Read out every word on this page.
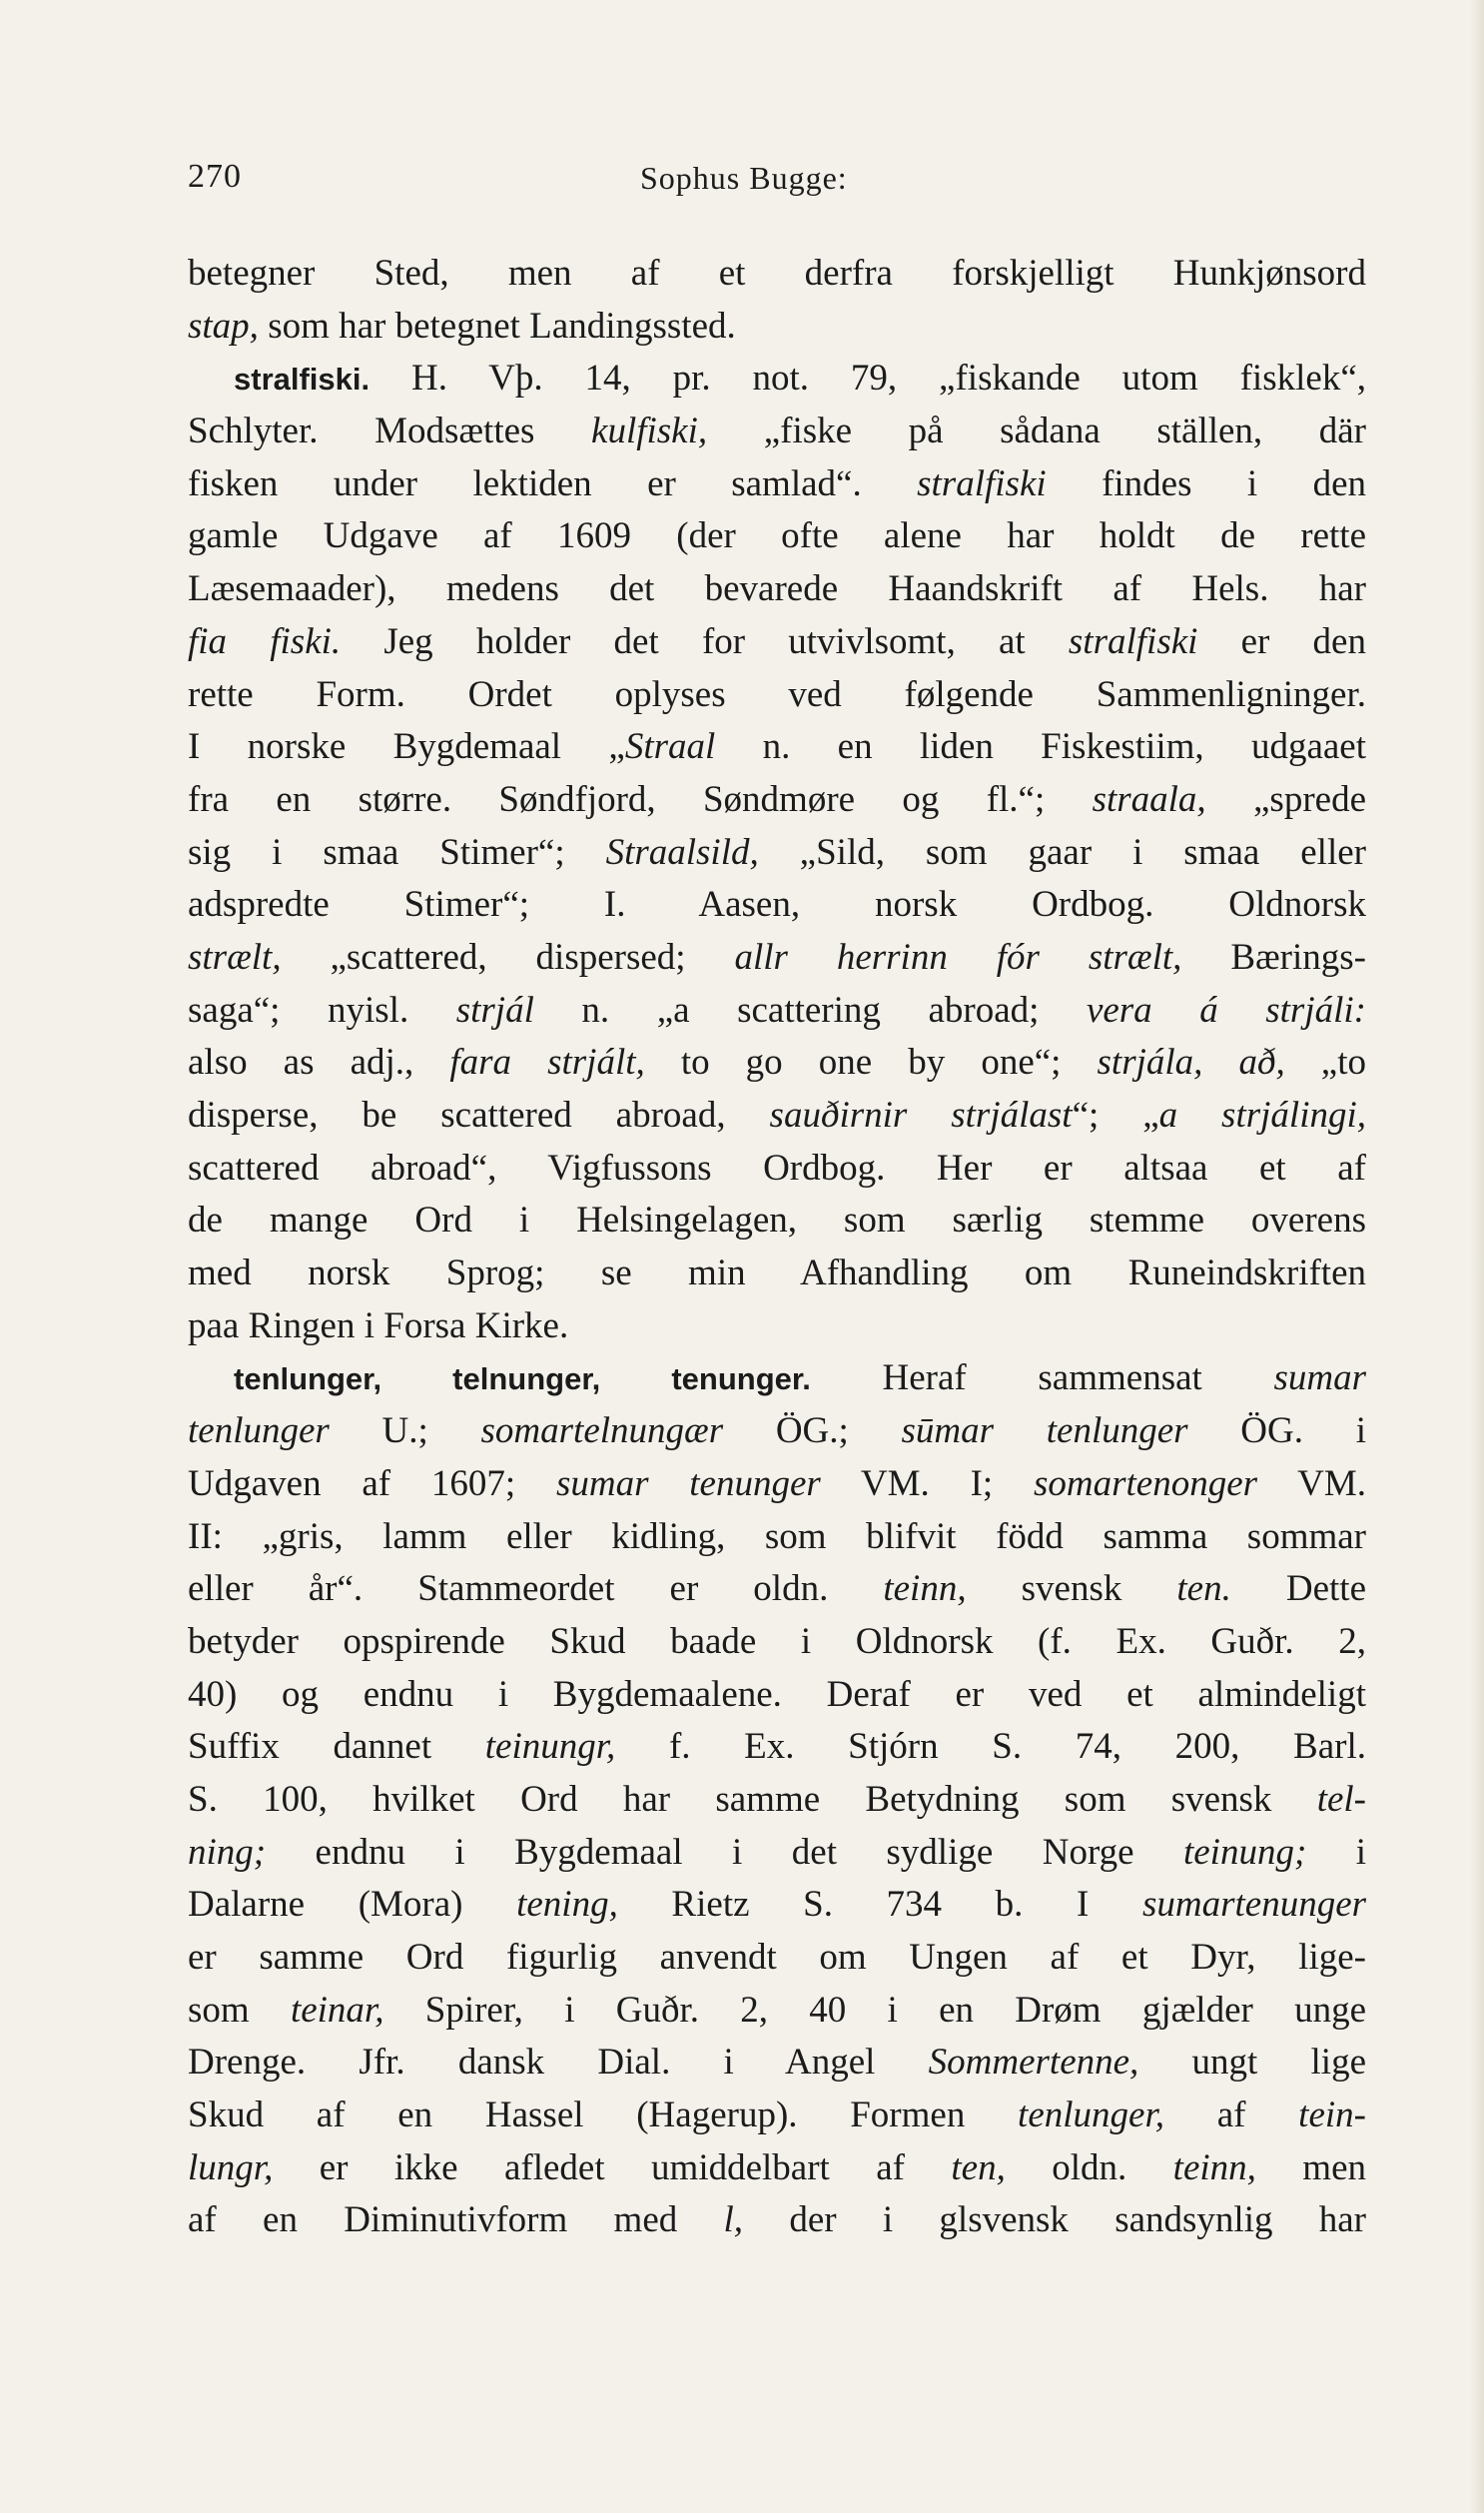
270	Sophus Bugge:
betegner Sted, men af et derfra forskjelligt Hunkjønsord
stap, som har betegnet Landingssted.
stralfiski. H. Vþ. 14, pr. not. 79, „fiskande utom fisklek“,
Schlyter. Modsættes kulfiski, „fiske på sådana ställen, där
fisken under lektiden er samlad“. stralfiski findes i den
gamle Udgave af 1609 (der ofte alene har holdt de rette
Læsemaader), medens det bevarede Haandskrift af Hels. har
fia fiski. Jeg holder det for utvivlsomt, at stralfiski er den
rette Form. Ordet oplyses ved følgende Sammenligninger.
I norske Bygdemaal „Straal n. en liden Fiskestiim, udgaaet
fra en større. Søndfjord, Søndmøre og fl.“; straala, „sprede
sig i smaa Stimer“; Straalsild, „Sild, som gaar i smaa eller
adspredte Stimer“; I. Aasen, norsk Ordbog. Oldnorsk
strælt, „scattered, dispersed; allr herrinn fór strælt, Bærings-
saga“; nyisl. strjál n. „a scattering abroad; vera á strjáli:
also as adj., fara strjált, to go one by one“; strjála, að, „to
disperse, be scattered abroad, sauðirnir strjálast“; „a strjálingi,
scattered abroad“, Vigfussons Ordbog. Her er altsaa et af
de mange Ord i Helsingelagen, som særlig stemme overens
med norsk Sprog; se min Afhandling om Runeindskriften
paa Ringen i Forsa Kirke.
tenlunger, telnunger, tenunger. Heraf sammensat sumar
tenlunger U.; somartelnungær ÖG.; sūmar tenlunger ÖG. i
Udgaven af 1607; sumar tenunger VM. I; somartenonger VM.
II: „gris, lamm eller kidling, som blifvit född samma sommar
eller år“. Stammeordet er oldn. teinn, svensk ten. Dette
betyder opspirende Skud baade i Oldnorsk (f. Ex. Guðr. 2,
40) og endnu i Bygdemaalene. Deraf er ved et almindeligt
Suffix dannet teinungr, f. Ex. Stjórn S. 74, 200, Barl.
S. 100, hvilket Ord har samme Betydning som svensk tel-
ning; endnu i Bygdemaal i det sydlige Norge teinung; i
Dalarne (Mora) tening, Rietz S. 734 b. I sumartenunger
er samme Ord figurlig anvendt om Ungen af et Dyr, lige-
som teinar, Spirer, i Guðr. 2, 40 i en Drøm gjælder unge
Drenge. Jfr. dansk Dial. i Angel Sommertenne, ungt lige
Skud af en Hassel (Hagerup). Formen tenlunger, af tein-
lungr, er ikke afledet umiddelbart af ten, oldn. teinn, men
af en Diminutivform med l, der i glsvensk sandsynlig har
